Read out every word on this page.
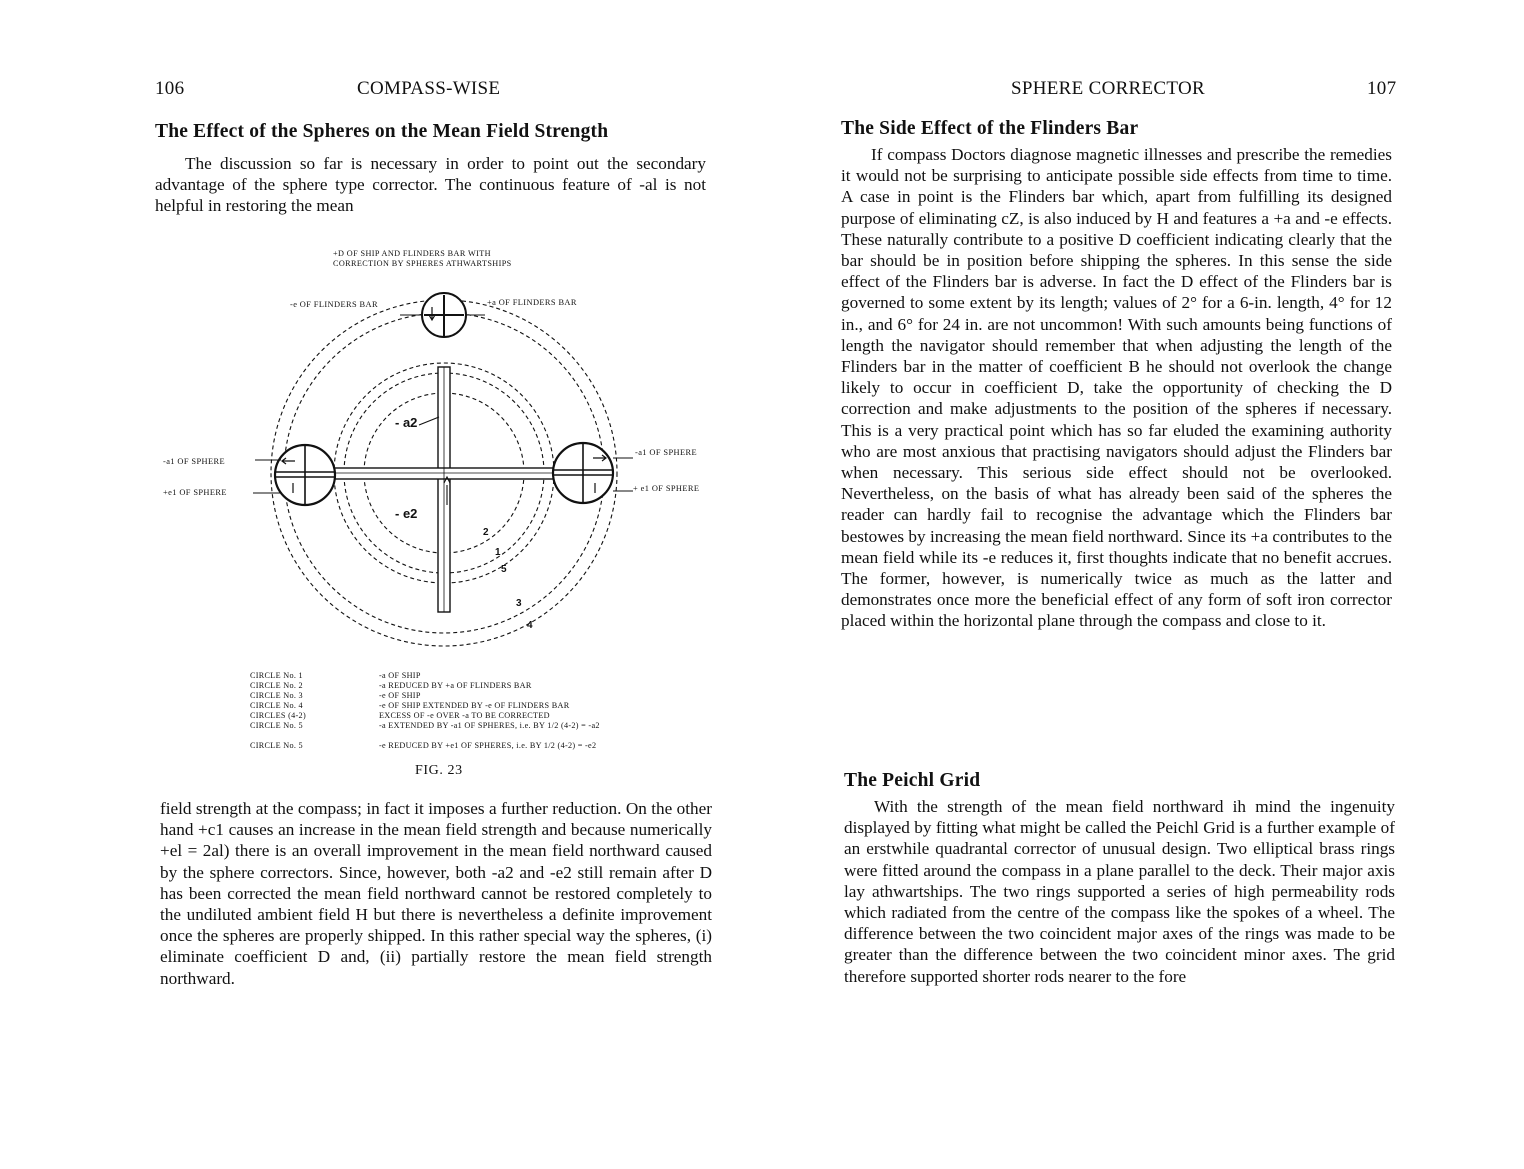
106	COMPASS-WISE
The Effect of the Spheres on the Mean Field Strength

The discussion so far is necessary in order to point out the secondary advantage of the sphere type corrector. The continuous feature of -al is not helpful in restoring the mean

+D OF SHIP AND FLINDERS BAR WITH
CORRECTION BY SPHERES ATHWARTSHIPS
-e OF FLINDERS BAR	+a OF FLINDERS BAR
-a1 OF SPHERE
+e1 OF SPHERE
-a1 OF SPHERE
+ e1 OF SPHERE
- a2
- e2
2
1
5
3
4
CIRCLE No. 1	-a OF SHIP
CIRCLE No. 2	-a REDUCED BY +a OF FLINDERS BAR
CIRCLE No. 3	-e OF SHIP
CIRCLE No. 4	-e OF SHIP EXTENDED BY -e OF FLINDERS BAR
CIRCLES (4-2)	EXCESS OF -e OVER -a TO BE CORRECTED
CIRCLE No. 5	-a EXTENDED BY -a1 OF SPHERES, i.e. BY 1/2 (4-2) = -a2
CIRCLE No. 5	-e REDUCED BY +e1 OF SPHERES, i.e. BY 1/2 (4-2) = -e2
FIG. 23

field strength at the compass; in fact it imposes a further reduction. On the other hand +c1 causes an increase in the mean field strength and because numerically +el = 2al) there is an overall improvement in the mean field northward caused by the sphere correctors. Since, however, both -a2 and -e2 still remain after D has been corrected the mean field northward cannot be restored completely to the undiluted ambient field H but there is nevertheless a definite improvement once the spheres are properly shipped. In this rather special way the spheres, (i) eliminate coefficient D and, (ii) partially restore the mean field strength northward.

SPHERE CORRECTOR	107
The Side Effect of the Flinders Bar

If compass Doctors diagnose magnetic illnesses and prescribe the remedies it would not be surprising to anticipate possible side effects from time to time. A case in point is the Flinders bar which, apart from fulfilling its designed purpose of eliminating cZ, is also induced by H and features a +a and -e effects. These naturally contribute to a positive D coefficient indicating clearly that the bar should be in position before shipping the spheres. In this sense the side effect of the Flinders bar is adverse. In fact the D effect of the Flinders bar is governed to some extent by its length; values of 2° for a 6-in. length, 4° for 12 in., and 6° for 24 in. are not uncommon! With such amounts being functions of length the navigator should remember that when adjusting the length of the Flinders bar in the matter of coefficient B he should not overlook the change likely to occur in coefficient D, take the opportunity of checking the D correction and make adjustments to the position of the spheres if necessary. This is a very practical point which has so far eluded the examining authority who are most anxious that practising navigators should adjust the Flinders bar when necessary. This serious side effect should not be overlooked. Nevertheless, on the basis of what has already been said of the spheres the reader can hardly fail to recognise the advantage which the Flinders bar bestowes by increasing the mean field northward. Since its +a contributes to the mean field while its -e reduces it, first thoughts indicate that no benefit accrues. The former, however, is numerically twice as much as the latter and demonstrates once more the beneficial effect of any form of soft iron corrector placed within the horizontal plane through the compass and close to it.

The Peichl Grid

With the strength of the mean field northward ih mind the ingenuity displayed by fitting what might be called the Peichl Grid is a further example of an erstwhile quadrantal corrector of unusual design. Two elliptical brass rings were fitted around the compass in a plane parallel to the deck. Their major axis lay athwartships. The two rings supported a series of high permeability rods which radiated from the centre of the compass like the spokes of a wheel. The difference between the two coincident major axes of the rings was made to be greater than the difference between the two coincident minor axes. The grid therefore supported shorter rods nearer to the fore
